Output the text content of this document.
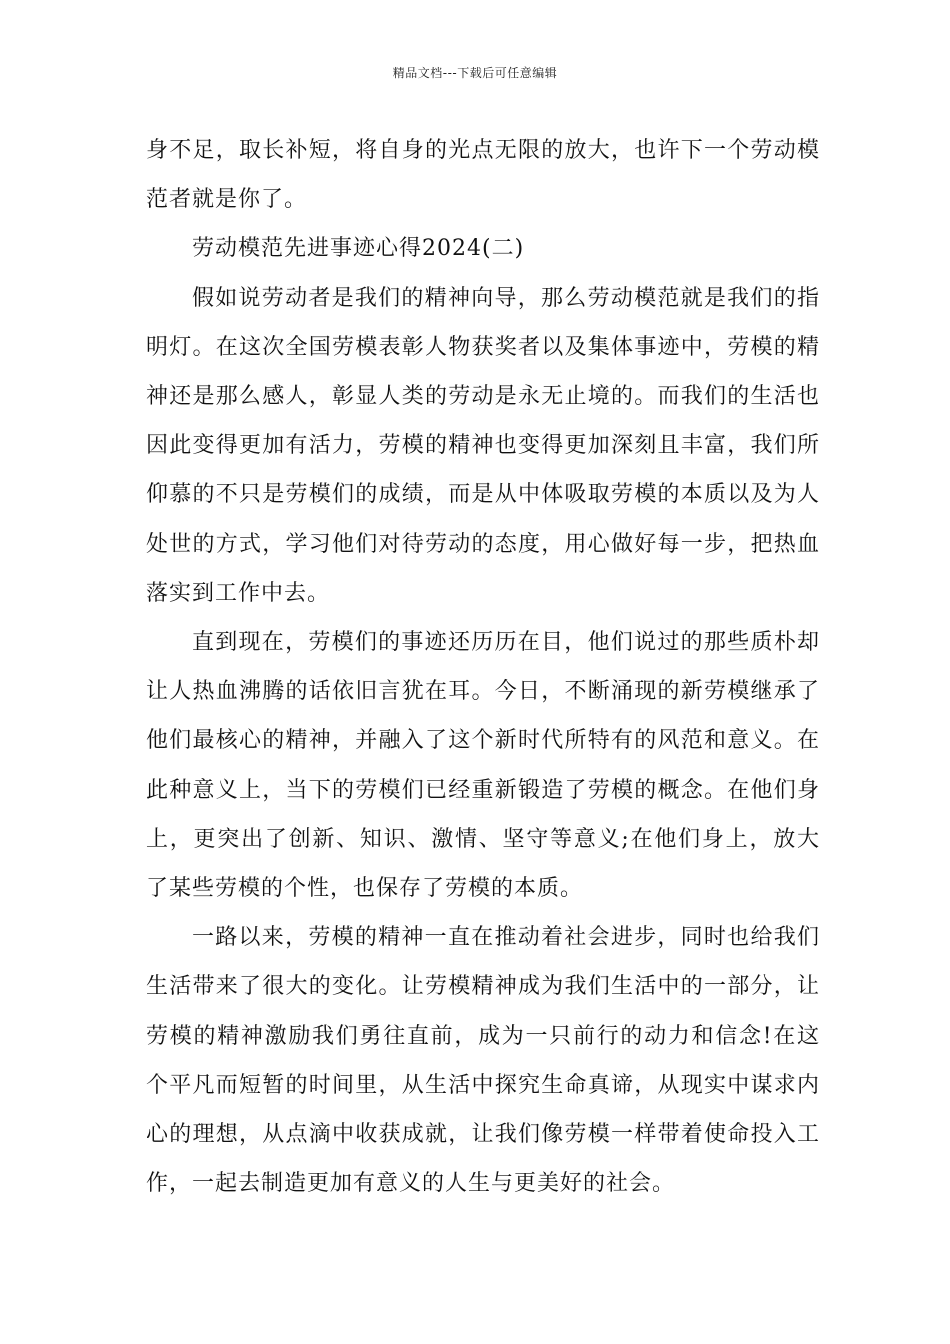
精品文档---下载后可任意编辑

身不足，取长补短，将自身的光点无限的放大，也许下一个劳动模范者就是你了。

劳动模范先进事迹心得2024(二)

假如说劳动者是我们的精神向导，那么劳动模范就是我们的指明灯。在这次全国劳模表彰人物获奖者以及集体事迹中，劳模的精神还是那么感人，彰显人类的劳动是永无止境的。而我们的生活也因此变得更加有活力，劳模的精神也变得更加深刻且丰富，我们所仰慕的不只是劳模们的成绩，而是从中体吸取劳模的本质以及为人处世的方式，学习他们对待劳动的态度，用心做好每一步，把热血落实到工作中去。

直到现在，劳模们的事迹还历历在目，他们说过的那些质朴却让人热血沸腾的话依旧言犹在耳。今日，不断涌现的新劳模继承了他们最核心的精神，并融入了这个新时代所特有的风范和意义。在此种意义上，当下的劳模们已经重新锻造了劳模的概念。在他们身上，更突出了创新、知识、激情、坚守等意义;在他们身上，放大了某些劳模的个性，也保存了劳模的本质。

一路以来，劳模的精神一直在推动着社会进步，同时也给我们生活带来了很大的变化。让劳模精神成为我们生活中的一部分，让劳模的精神激励我们勇往直前，成为一只前行的动力和信念!在这个平凡而短暂的时间里，从生活中探究生命真谛，从现实中谋求内心的理想，从点滴中收获成就，让我们像劳模一样带着使命投入工作，一起去制造更加有意义的人生与更美好的社会。
